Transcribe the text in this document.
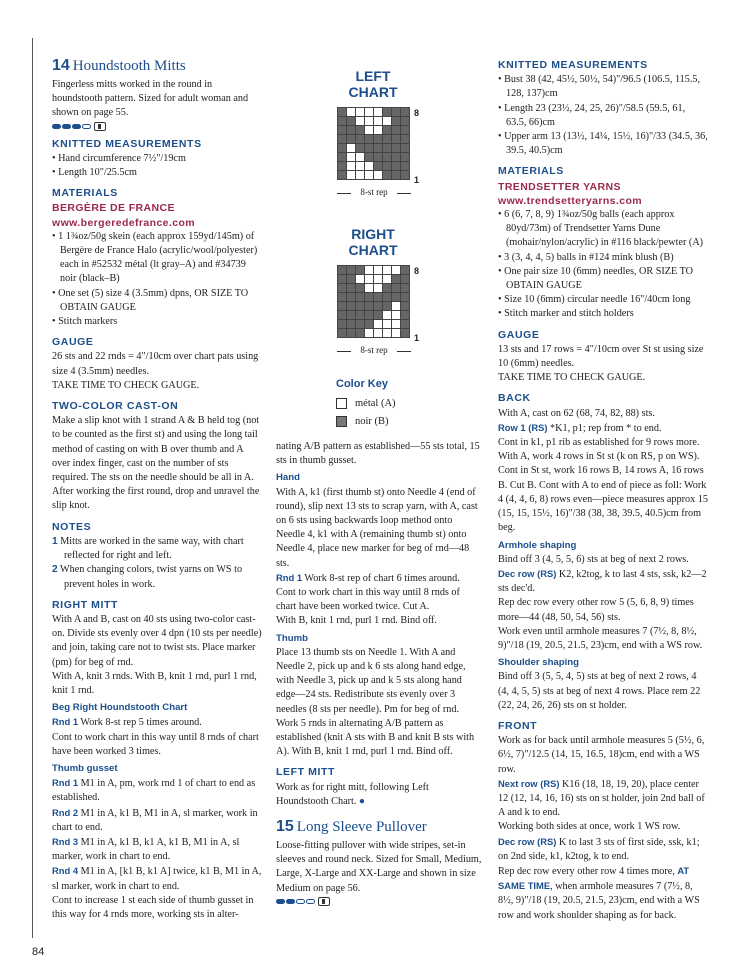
14 Houndstooth Mitts

Fingerless mitts worked in the round in houndstooth pattern. Sized for adult woman and shown on page 55.

KNITTED MEASUREMENTS

• Hand circumference 7½"/19cm

• Length 10"/25.5cm

MATERIALS
BERGÈRE DE FRANCE
www.bergeredefrance.com

• 1 1¾oz/50g skein (each approx 159yd/145m) of Bergère de France Halo (acrylic/wool/polyester) each in #52532 métal (lt gray–A) and #34739 noir (black–B)

• One set (5) size 4 (3.5mm) dpns, OR SIZE TO OBTAIN GAUGE

• Stitch markers

GAUGE

26 sts and 22 rnds = 4"/10cm over chart pats using size 4 (3.5mm) needles.

TAKE TIME TO CHECK GAUGE.

TWO-COLOR CAST-ON

Make a slip knot with 1 strand A & B held tog (not to be counted as the first st) and using the long tail method of casting on with B over thumb and A over index finger, cast on the number of sts required. The sts on the needle should be all in A. After working the first round, drop and unravel the slip knot.

NOTES

1 Mitts are worked in the same way, with chart reflected for right and left.

2 When changing colors, twist yarns on WS to prevent holes in work.

RIGHT MITT

With A and B, cast on 40 sts using two-color cast-on. Divide sts evenly over 4 dpn (10 sts per needle) and join, taking care not to twist sts. Place marker (pm) for beg of rnd.

With A, knit 3 rnds. With B, knit 1 rnd, purl 1 rnd, knit 1 rnd.

Beg Right Houndstooth Chart

Rnd 1 Work 8-st rep 5 times around.

Cont to work chart in this way until 8 rnds of chart have been worked 3 times.

Thumb gusset

Rnd 1 M1 in A, pm, work rnd 1 of chart to end as established.

Rnd 2 M1 in A, k1 B, M1 in A, sl marker, work in chart to end.

Rnd 3 M1 in A, k1 B, k1 A, k1 B, M1 in A, sl marker, work in chart to end.

Rnd 4 M1 in A, [k1 B, k1 A] twice, k1 B, M1 in A, sl marker, work in chart to end.

Cont to increase 1 st each side of thumb gusset in this way for 4 rnds more, working sts in alter-

LEFT CHART
8
1
8-st rep
RIGHT CHART
8
1
8-st rep
Color Key
métal (A)
noir (B)

nating A/B pattern as established—55 sts total, 15 sts in thumb gusset.

Hand

With A, k1 (first thumb st) onto Needle 4 (end of round), slip next 13 sts to scrap yarn, with A, cast on 6 sts using backwards loop method onto Needle 4, k1 with A (remaining thumb st) onto Needle 4, place new marker for beg of rnd—48 sts.

Rnd 1 Work 8-st rep of chart 6 times around. Cont to work chart in this way until 8 rnds of chart have been worked twice. Cut A.

With B, knit 1 rnd, purl 1 rnd. Bind off.

Thumb

Place 13 thumb sts on Needle 1. With A and Needle 2, pick up and k 6 sts along hand edge, with Needle 3, pick up and k 5 sts along hand edge—24 sts. Redistribute sts evenly over 3 needles (8 sts per needle). Pm for beg of rnd.

Work 5 rnds in alternating A/B pattern as established (knit A sts with B and knit B sts with A). With B, knit 1 rnd, purl 1 rnd. Bind off.

LEFT MITT

Work as for right mitt, following Left Houndstooth Chart. ●

15 Long Sleeve Pullover

Loose-fitting pullover with wide stripes, set-in sleeves and round neck. Sized for Small, Medium, Large, X-Large and XX-Large and shown in size Medium on page 56.

KNITTED MEASUREMENTS

• Bust 38 (42, 45½, 50½, 54)"/96.5 (106.5, 115.5, 128, 137)cm

• Length 23 (23½, 24, 25, 26)"/58.5 (59.5, 61, 63.5, 66)cm

• Upper arm 13 (13½, 14¼, 15½, 16)"/33 (34.5, 36, 39.5, 40.5)cm

MATERIALS
TRENDSETTER YARNS
www.trendsetteryarns.com

• 6 (6, 7, 8, 9) 1¾oz/50g balls (each approx 80yd/73m) of Trendsetter Yarns Dune (mohair/nylon/acrylic) in #116 black/pewter (A)

• 3 (3, 4, 4, 5) balls in #124 mink blush (B)

• One pair size 10 (6mm) needles, OR SIZE TO OBTAIN GAUGE

• Size 10 (6mm) circular needle 16"/40cm long

• Stitch marker and stitch holders

GAUGE

13 sts and 17 rows = 4"/10cm over St st using size 10 (6mm) needles.

TAKE TIME TO CHECK GAUGE.

BACK

With A, cast on 62 (68, 74, 82, 88) sts.

Row 1 (RS) *K1, p1; rep from * to end.

Cont in k1, p1 rib as established for 9 rows more. With A, work 4 rows in St st (k on RS, p on WS). Cont in St st, work 16 rows B, 14 rows A, 16 rows B. Cut B. Cont with A to end of piece as foll: Work 4 (4, 4, 6, 8) rows even—piece measures approx 15 (15, 15, 15½, 16)"/38 (38, 38, 39.5, 40.5)cm from beg.

Armhole shaping

Bind off 3 (4, 5, 5, 6) sts at beg of next 2 rows.

Dec row (RS) K2, k2tog, k to last 4 sts, ssk, k2—2 sts dec'd.

Rep dec row every other row 5 (5, 6, 8, 9) times more—44 (48, 50, 54, 56) sts.

Work even until armhole measures 7 (7½, 8, 8½, 9)"/18 (19, 20.5, 21.5, 23)cm, end with a WS row.

Shoulder shaping

Bind off 3 (5, 5, 4, 5) sts at beg of next 2 rows, 4 (4, 4, 5, 5) sts at beg of next 4 rows. Place rem 22 (22, 24, 26, 26) sts on st holder.

FRONT

Work as for back until armhole measures 5 (5½, 6, 6½, 7)"/12.5 (14, 15, 16.5, 18)cm, end with a WS row.

Next row (RS) K16 (18, 18, 19, 20), place center 12 (12, 14, 16, 16) sts on st holder, join 2nd ball of A and k to end.

Working both sides at once, work 1 WS row.

Dec row (RS) K to last 3 sts of first side, ssk, k1; on 2nd side, k1, k2tog, k to end.

Rep dec row every other row 4 times more, AT SAME TIME, when armhole measures 7 (7½, 8, 8½, 9)"/18 (19, 20.5, 21.5, 23)cm, end with a WS row and work shoulder shaping as for back.

84
